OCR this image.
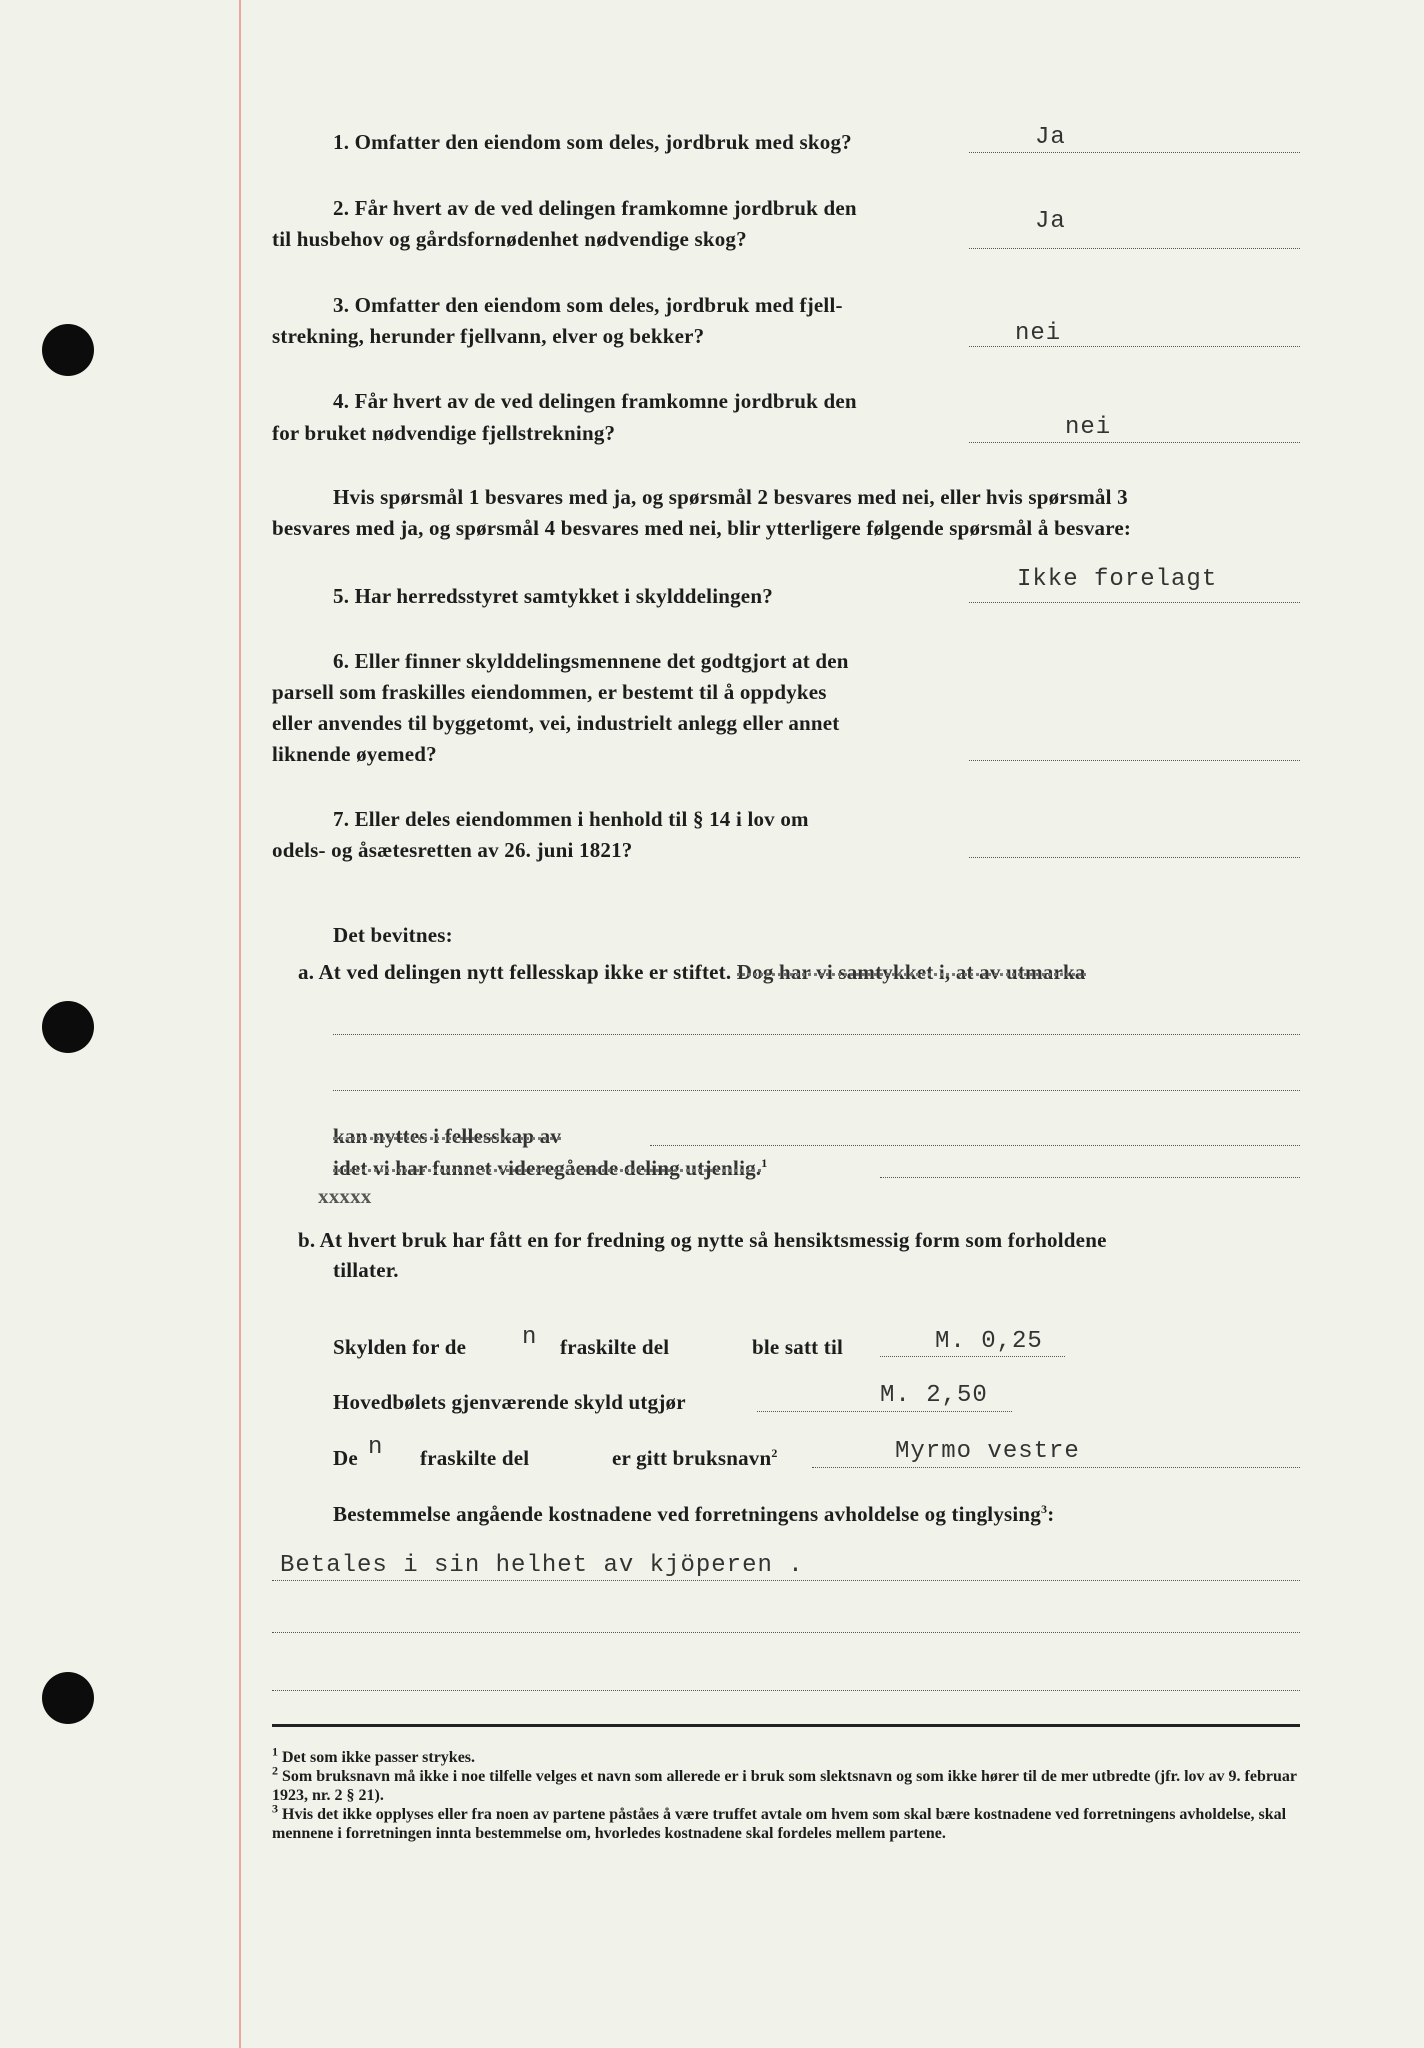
1. Omfatter den eiendom som deles, jordbruk med skog?	Ja
2. Får hvert av de ved delingen framkomne jordbruk den
til husbehov og gårdsfornødenhet nødvendige skog?
Ja
3. Omfatter den eiendom som deles, jordbruk med fjell-
strekning, herunder fjellvann, elver og bekker?	nei
4. Får hvert av de ved delingen framkomne jordbruk den
for bruket nødvendige fjellstrekning?	nei
Hvis spørsmål 1 besvares med ja, og spørsmål 2 besvares med nei, eller hvis spørsmål 3
besvares med ja, og spørsmål 4 besvares med nei, blir ytterligere følgende spørsmål å besvare:
5. Har herredsstyret samtykket i skylddelingen?
Ikke forelagt
6. Eller finner skylddelingsmennene det godtgjort at den
parsell som fraskilles eiendommen, er bestemt til å oppdykes
eller anvendes til byggetomt, vei, industrielt anlegg eller annet
liknende øyemed?
7. Eller deles eiendommen i henhold til § 14 i lov om
odels- og åsætesretten av 26. juni 1821?
Det bevitnes:
a. At ved delingen nytt fellesskap ikke er stiftet. Dog har vi samtykket i, at av utmarka
kan nyttes i fellesskap av
idet vi har funnet videregående deling utjenlig.$^1$
xxxxx
b. At hvert bruk har fått en for fredning og nytte så hensiktsmessig form som forholdene
tillater.
Skylden for de n fraskilte del	ble satt til	M. 0,25
Hovedbølets gjenværende skyld utgjør	M. 2,50
De n fraskilte del	er gitt bruksnavn$^2$	Myrmo vestre
Bestemmelse angående kostnadene ved forretningens avholdelse og tinglysing$^3$:
Betales i sin helhet av kjöperen .

$^1$ Det som ikke passer strykes.

$^2$ Som bruksnavn må ikke i noe tilfelle velges et navn som allerede er i bruk som slektsnavn og som ikke hører til de mer utbredte (jfr. lov av 9. februar 1923, nr. 2 § 21).

$^3$ Hvis det ikke opplyses eller fra noen av partene påståes å være truffet avtale om hvem som skal bære kostnadene ved forretningens avholdelse, skal mennene i forretningen innta bestemmelse om, hvorledes kostnadene skal fordeles mellem partene.
